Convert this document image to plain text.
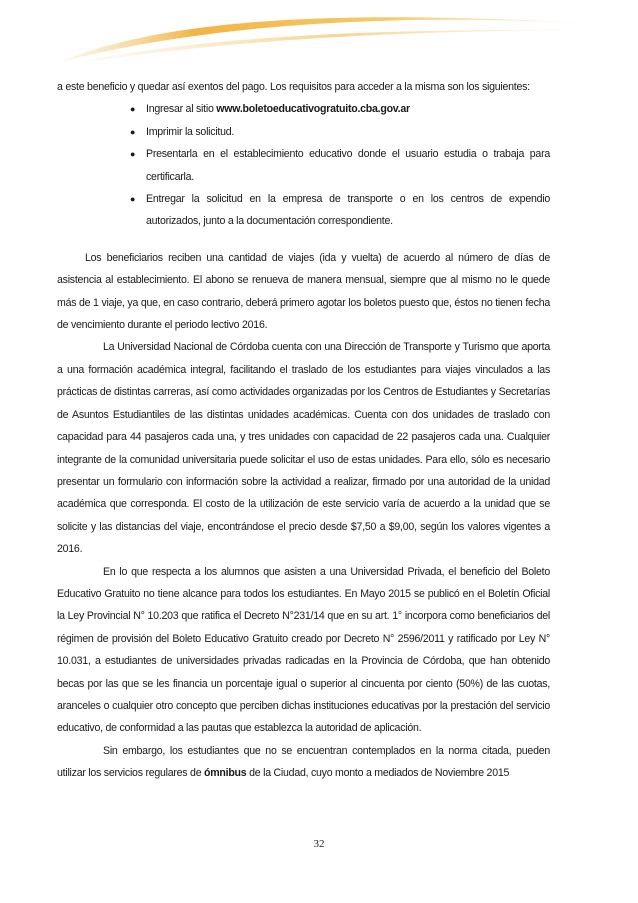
a este beneficio y quedar así exentos del pago. Los requisitos para acceder a la misma son los siguientes:

● Ingresar al sitio www.boletoeducativogratuito.cba.gov.ar
● Imprimir la solicitud.
● Presentarla en el establecimiento educativo donde el usuario estudia o trabaja para certificarla.
● Entregar la solicitud en la empresa de transporte o en los centros de expendio autorizados, junto a la documentación correspondiente.

Los beneficiarios reciben una cantidad de viajes (ida y vuelta) de acuerdo al número de días de asistencia al establecimiento. El abono se renueva de manera mensual, siempre que al mismo no le quede más de 1 viaje, ya que, en caso contrario, deberá primero agotar los boletos puesto que, éstos no tienen fecha de vencimiento durante el periodo lectivo 2016.

La Universidad Nacional de Córdoba cuenta con una Dirección de Transporte y Turismo que aporta a una formación académica integral, facilitando el traslado de los estudiantes para viajes vinculados a las prácticas de distintas carreras, así como actividades organizadas por los Centros de Estudiantes y Secretarías de Asuntos Estudiantiles de las distintas unidades académicas. Cuenta con dos unidades de traslado con capacidad para 44 pasajeros cada una, y tres unidades con capacidad de 22 pasajeros cada una. Cualquier integrante de la comunidad universitaria puede solicitar el uso de estas unidades. Para ello, sólo es necesario presentar un formulario con información sobre la actividad a realizar, firmado por una autoridad de la unidad académica que corresponda. El costo de la utilización de este servicio varía de acuerdo a la unidad que se solicite y las distancias del viaje, encontrándose el precio desde $7,50 a $9,00, según los valores vigentes a 2016.

En lo que respecta a los alumnos que asisten a una Universidad Privada, el beneficio del Boleto Educativo Gratuito no tiene alcance para todos los estudiantes. En Mayo 2015 se publicó en el Boletín Oficial la Ley Provincial N° 10.203 que ratifica el Decreto N°231/14 que en su art. 1° incorpora como beneficiarios del régimen de provisión del Boleto Educativo Gratuito creado por Decreto N° 2596/2011 y ratificado por Ley N° 10.031, a estudiantes de universidades privadas radicadas en la Provincia de Córdoba, que han obtenido becas por las que se les financia un porcentaje igual o superior al cincuenta por ciento (50%) de las cuotas, aranceles o cualquier otro concepto que perciben dichas instituciones educativas por la prestación del servicio educativo, de conformidad a las pautas que establezca la autoridad de aplicación.

Sin embargo, los estudiantes que no se encuentran contemplados en la norma citada, pueden utilizar los servicios regulares de ómnibus de la Ciudad, cuyo monto a mediados de Noviembre 2015

32
